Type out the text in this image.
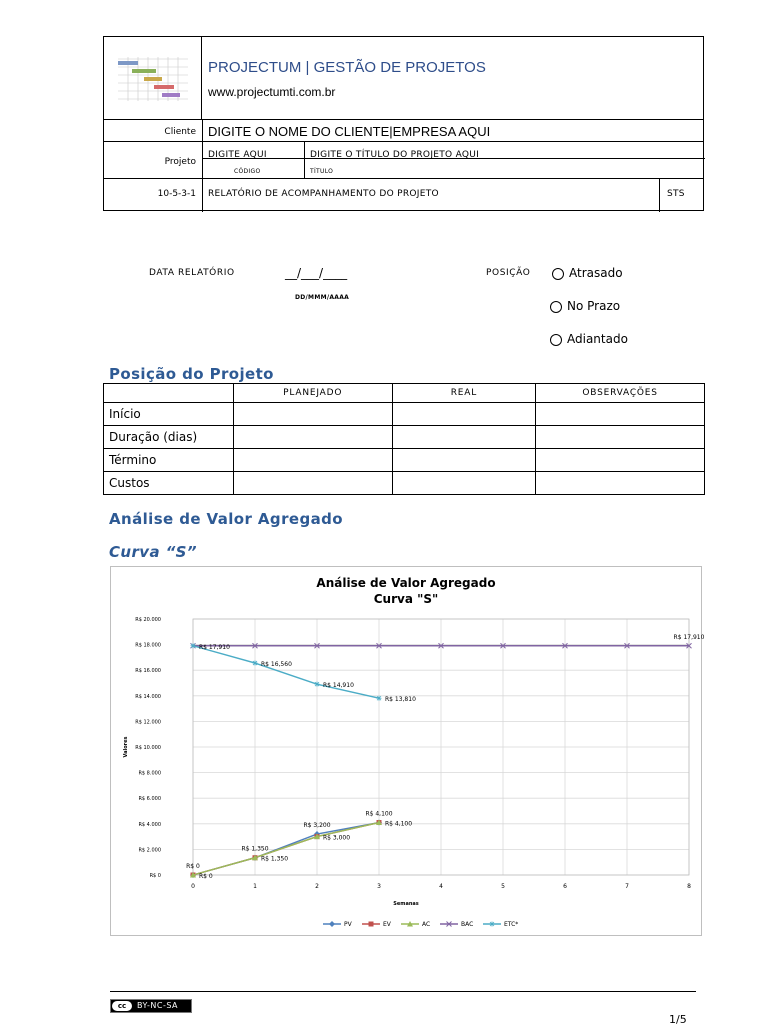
PROJECTUM | GESTÃO DE PROJETOS
www.projectumti.com.br
Cliente DIGITE O NOME DO CLIENTE|EMPRESA AQUI
Projeto
DIGITE AQUI	DIGITE O TÍTULO DO PROJETO AQUI
CÓDIGO	TÍTULO
10-5-3-1 RELATÓRIO DE ACOMPANHAMENTO DO PROJETO	STS
DATA RELATÓRIO	__/___/____
DD/MMM/AAAA
POSIÇÃO	Atrasado
No Prazo
Adiantado
Posição do Projeto
	PLANEJADO	REAL	OBSERVAÇÕES
Início			
Duração (dias)			
Término			
Custos			
Análise de Valor Agregado
Curva “S”
Análise de Valor Agregado
Curva "S"
R$ 0
R$ 2.000
R$ 4.000
R$ 6.000
R$ 8.000
R$ 10.000
R$ 12.000
R$ 14.000
R$ 16.000
R$ 18.000
R$ 20.000
0	1	2	3	4	5	6	7	8
Semanas
Valores
R$ 17,910
R$ 16,560
R$ 14,910
R$ 13,810
R$ 17,910
R$ 0
R$ 0
R$ 1,350
R$ 1,350
R$ 3,200
R$ 3,000
R$ 4,100
R$ 4,100
PV	EV	AC	BAC	ETC*
cc	BY-NC-SA
1/5
